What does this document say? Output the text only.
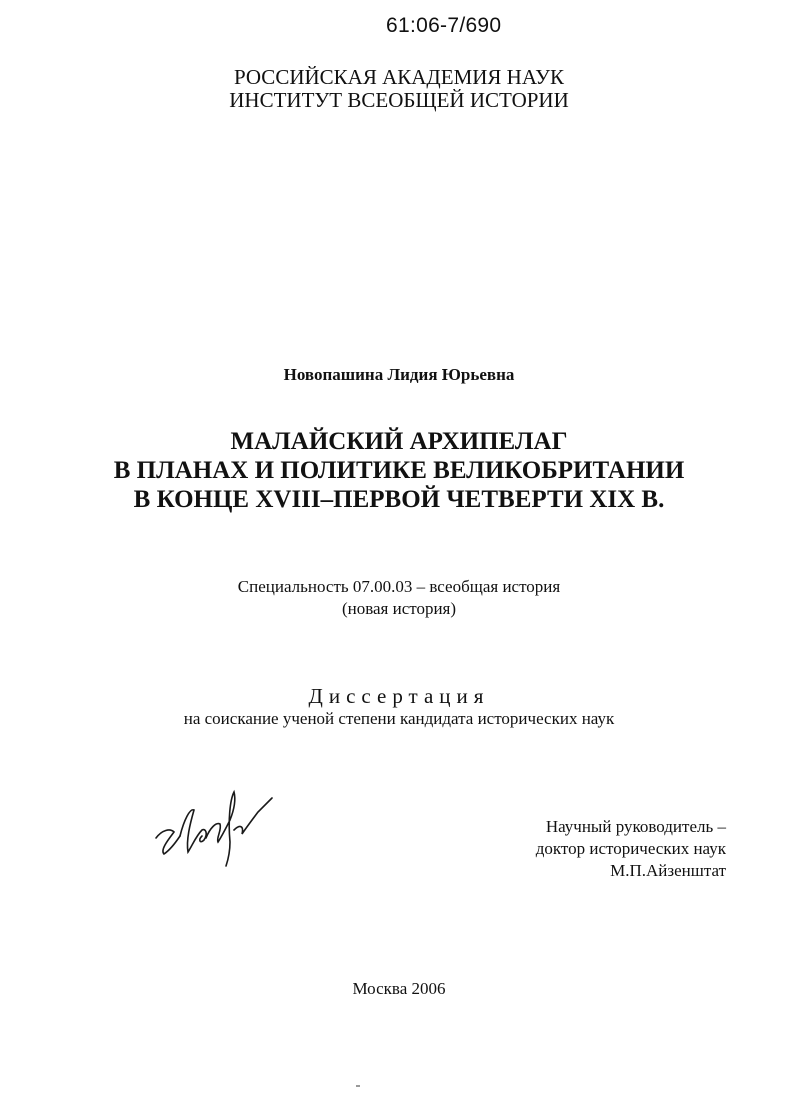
61:06-7/690
РОССИЙСКАЯ АКАДЕМИЯ НАУК
ИНСТИТУТ ВСЕОБЩЕЙ ИСТОРИИ
Новопашина Лидия Юрьевна
МАЛАЙСКИЙ АРХИПЕЛАГ
В ПЛАНАХ И ПОЛИТИКЕ ВЕЛИКОБРИТАНИИ
В КОНЦЕ XVIII–ПЕРВОЙ ЧЕТВЕРТИ XIX В.
Специальность 07.00.03 – всеобщая история
(новая история)
Диссертация
на соискание ученой степени кандидата исторических наук
Научный руководитель –
доктор исторических наук
М.П.Айзенштат
Москва 2006
